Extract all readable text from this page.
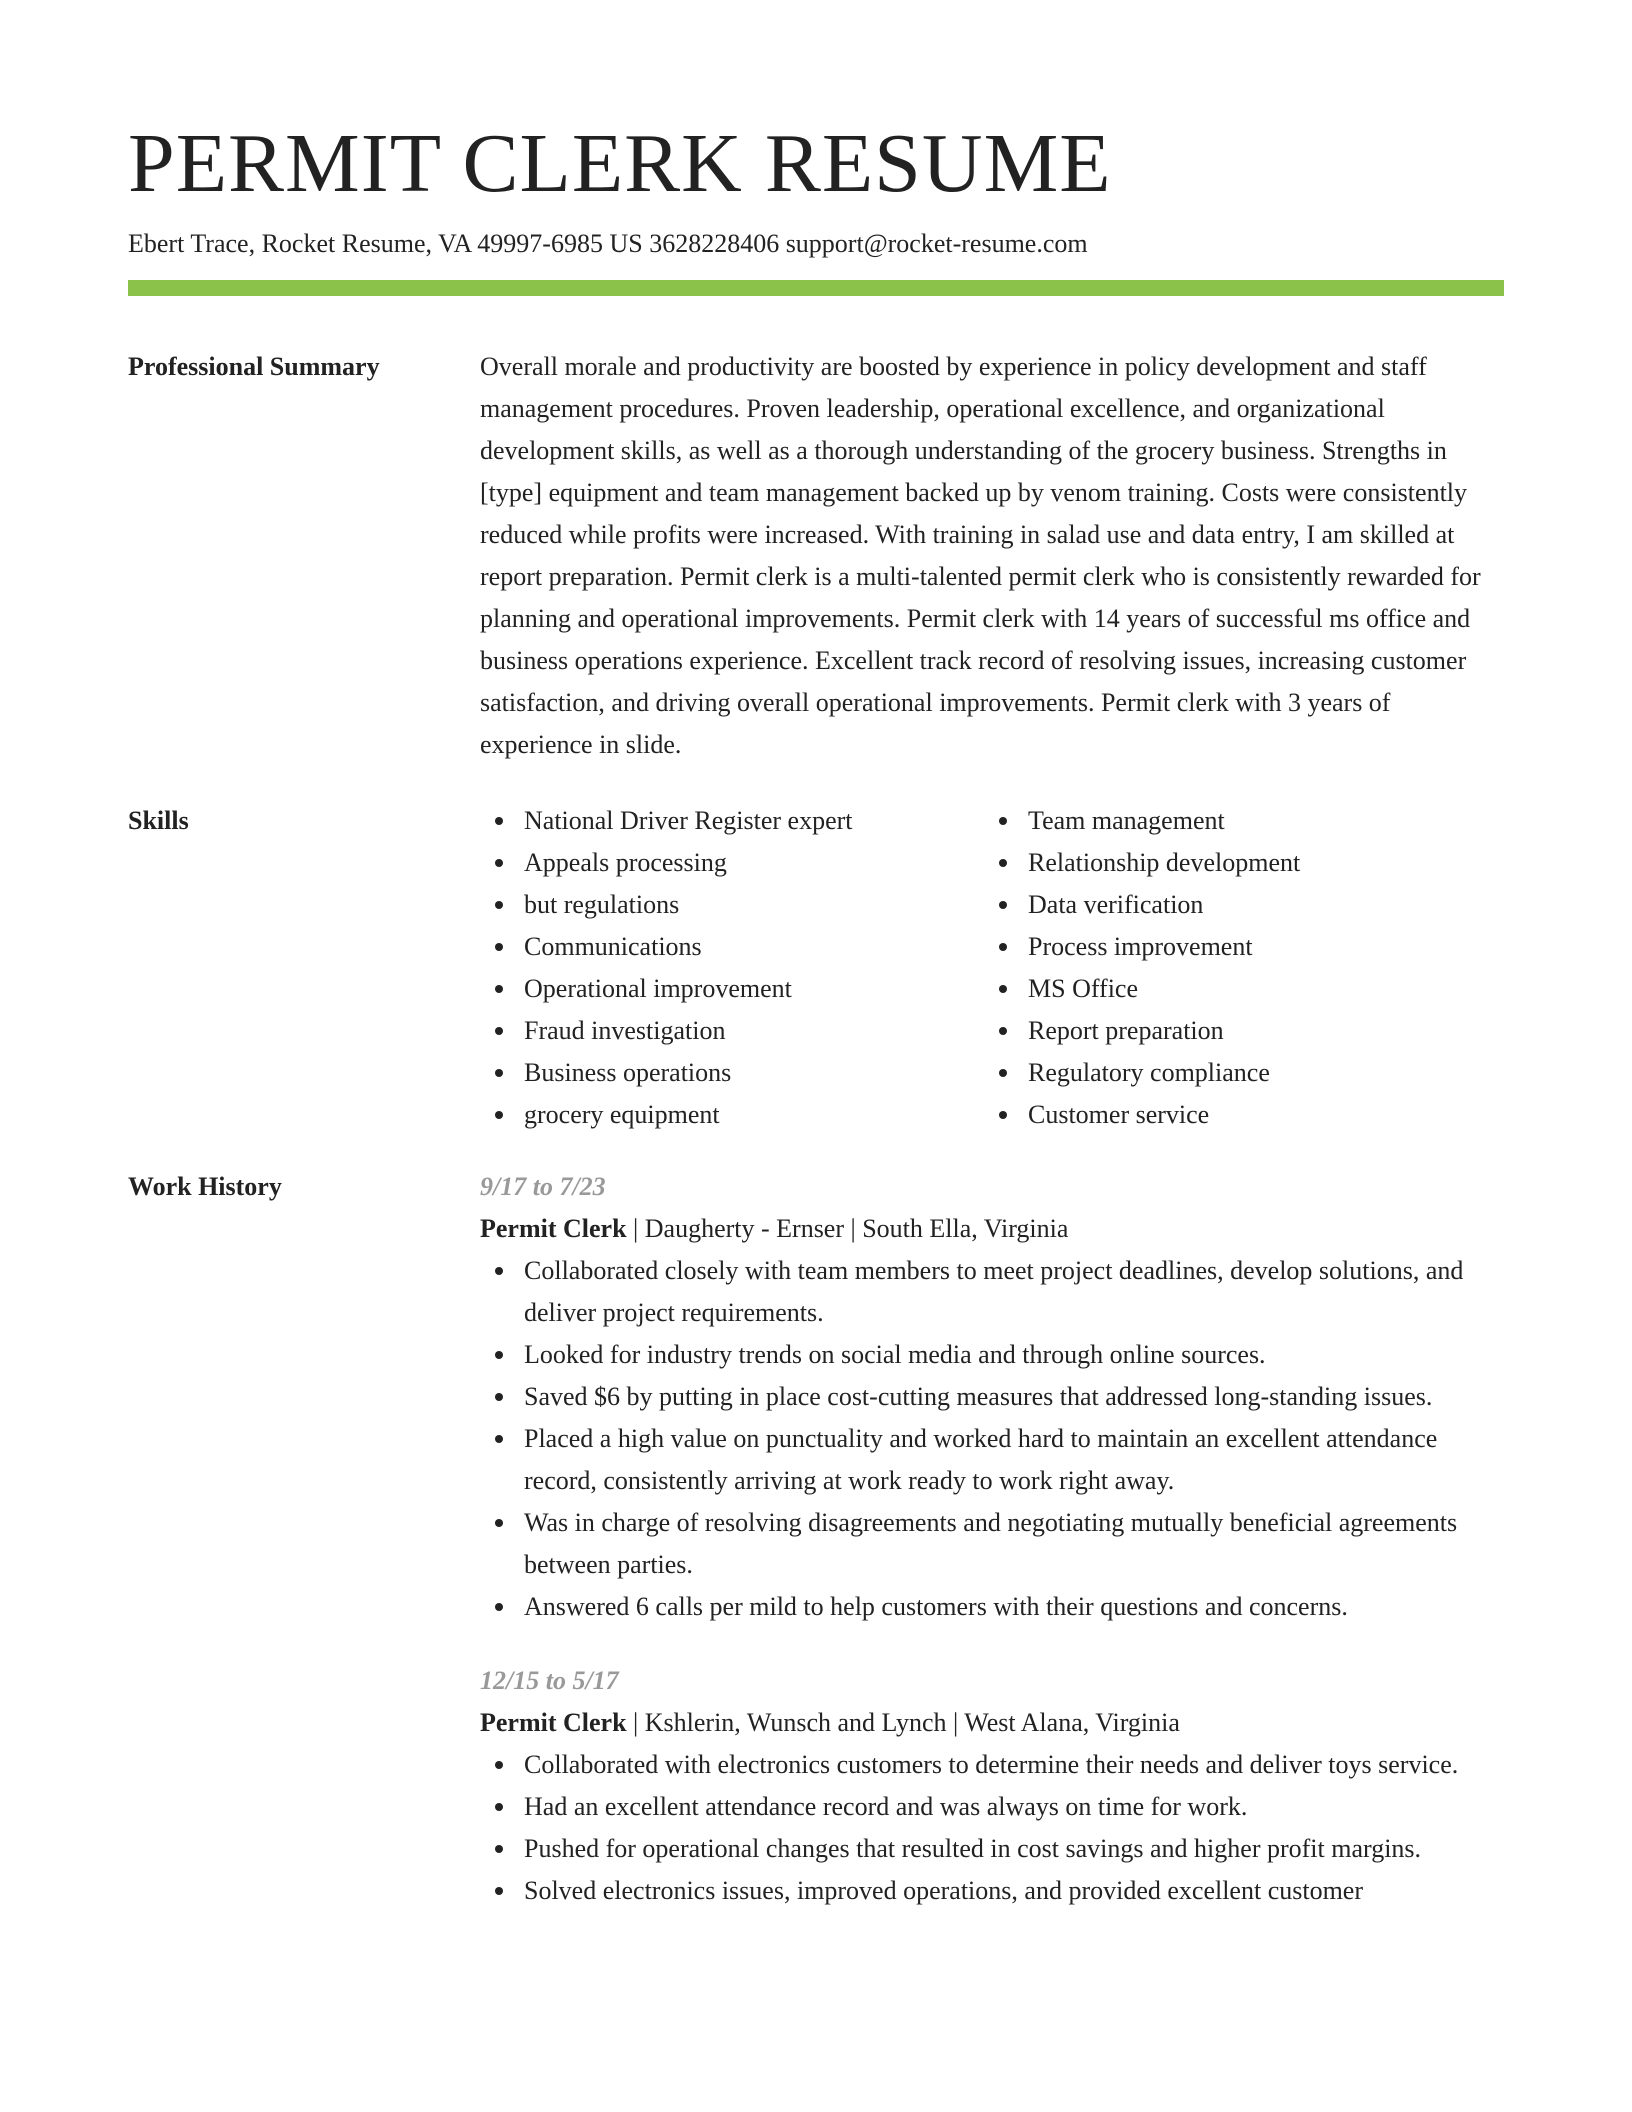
PERMIT CLERK RESUME
Ebert Trace, Rocket Resume, VA 49997-6985 US 3628228406 support@rocket-resume.com
Professional Summary	Overall morale and productivity are boosted by experience in policy development and staff management procedures. Proven leadership, operational excellence, and organizational development skills, as well as a thorough understanding of the grocery business. Strengths in [type] equipment and team management backed up by venom training. Costs were consistently reduced while profits were increased. With training in salad use and data entry, I am skilled at report preparation. Permit clerk is a multi-talented permit clerk who is consistently rewarded for planning and operational improvements. Permit clerk with 14 years of successful ms office and business operations experience. Excellent track record of resolving issues, increasing customer satisfaction, and driving overall operational improvements. Permit clerk with 3 years of experience in slide.
Skills	National Driver Register expert
Appeals processing
but regulations
Communications
Operational improvement
Fraud investigation
Business operations
grocery equipment
Team management
Relationship development
Data verification
Process improvement
MS Office
Report preparation
Regulatory compliance
Customer service
Work History	9/17 to 7/23
Permit Clerk | Daugherty - Ernser | South Ella, Virginia
Collaborated closely with team members to meet project deadlines, develop solutions, and deliver project requirements.
Looked for industry trends on social media and through online sources.
Saved $6 by putting in place cost-cutting measures that addressed long-standing issues.
Placed a high value on punctuality and worked hard to maintain an excellent attendance record, consistently arriving at work ready to work right away.
Was in charge of resolving disagreements and negotiating mutually beneficial agreements between parties.
Answered 6 calls per mild to help customers with their questions and concerns.
12/15 to 5/17
Permit Clerk | Kshlerin, Wunsch and Lynch | West Alana, Virginia
Collaborated with electronics customers to determine their needs and deliver toys service.
Had an excellent attendance record and was always on time for work.
Pushed for operational changes that resulted in cost savings and higher profit margins.
Solved electronics issues, improved operations, and provided excellent customer
